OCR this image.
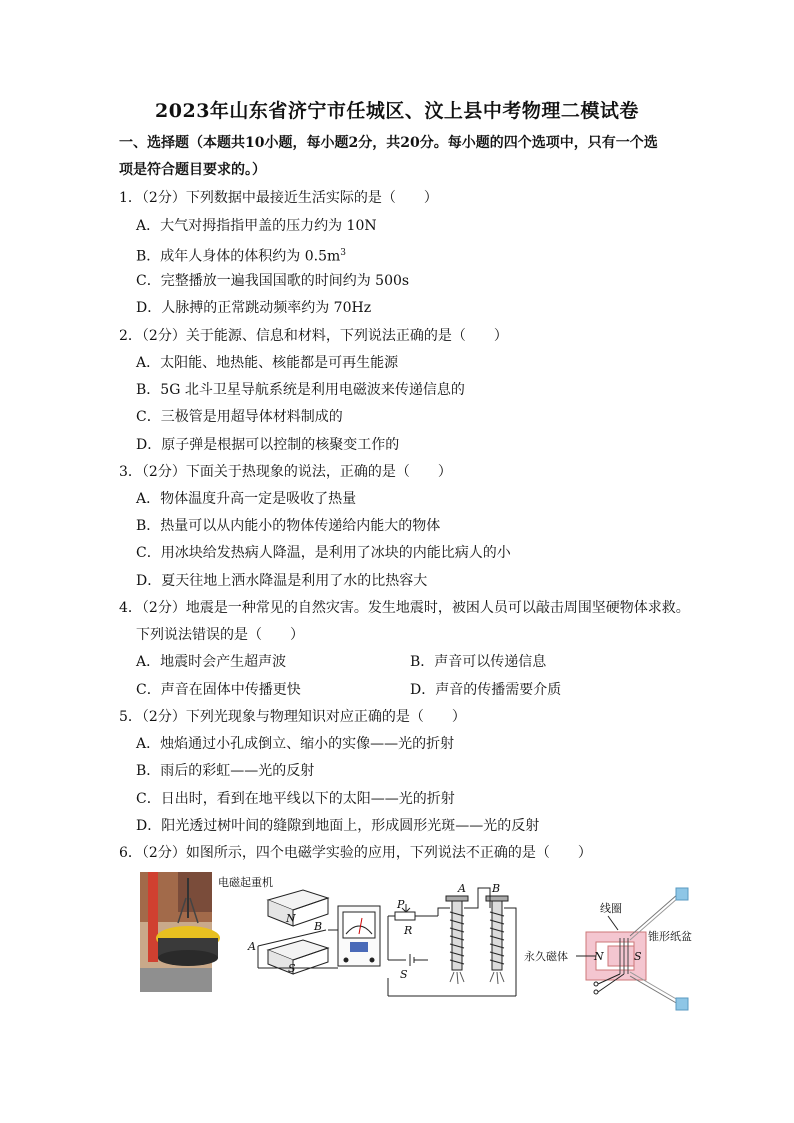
2023年山东省济宁市任城区、汶上县中考物理二模试卷
一、选择题（本题共10小题，每小题2分，共20分。每小题的四个选项中，只有一个选
项是符合题目要求的。）
1．（2分）下列数据中最接近生活实际的是（　　）
A．大气对拇指指甲盖的压力约为 10N
B．成年人身体的体积约为 $0.5m^3$
C．完整播放一遍我国国歌的时间约为 500s
D．人脉搏的正常跳动频率约为 70Hz
2．（2分）关于能源、信息和材料，下列说法正确的是（　　）
A．太阳能、地热能、核能都是可再生能源
B．5G 北斗卫星导航系统是利用电磁波来传递信息的
C．三极管是用超导体材料制成的
D．原子弹是根据可以控制的核聚变工作的
3．（2分）下面关于热现象的说法，正确的是（　　）
A．物体温度升高一定是吸收了热量
B．热量可以从内能小的物体传递给内能大的物体
C．用冰块给发热病人降温，是利用了冰块的内能比病人的小
D．夏天往地上洒水降温是利用了水的比热容大
4．（2分）地震是一种常见的自然灾害。发生地震时，被困人员可以敲击周围坚硬物体求救。
下列说法错误的是（　　）
A．地震时会产生超声波	B．声音可以传递信息
C．声音在固体中传播更快	D．声音的传播需要介质
5．（2分）下列光现象与物理知识对应正确的是（　　）
A．烛焰通过小孔成倒立、缩小的实像——光的折射
B．雨后的彩虹——光的反射
C．日出时，看到在地平线以下的太阳——光的折射
D．阳光透过树叶间的缝隙到地面上，形成圆形光斑——光的反射
6．（2分）如图所示，四个电磁学实验的应用，下列说法不正确的是（　　）
电磁起重机
N
B
A
S
P
R
S
A B
线圈
永久磁体 N	S
锥形纸盆
